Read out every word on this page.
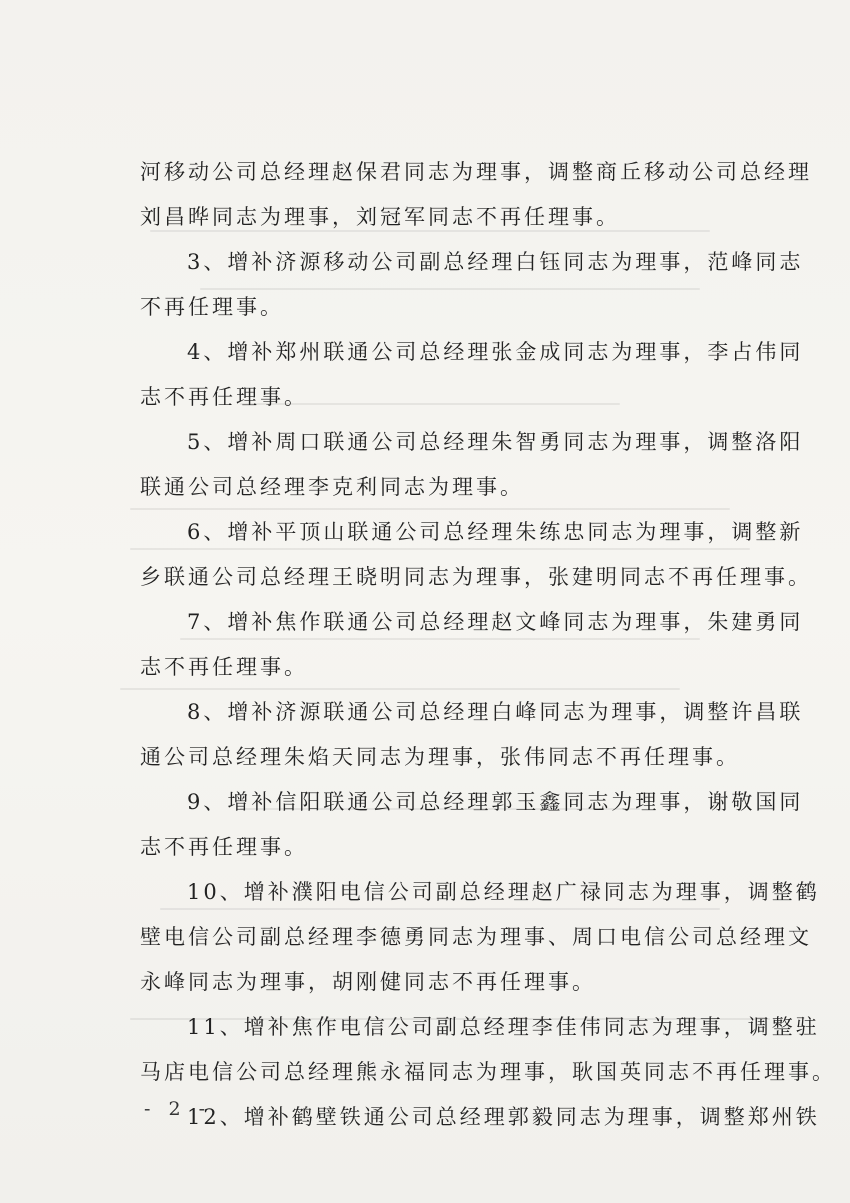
河移动公司总经理赵保君同志为理事，调整商丘移动公司总经理
刘昌晔同志为理事，刘冠军同志不再任理事。
3、增补济源移动公司副总经理白钰同志为理事，范峰同志
不再任理事。
4、增补郑州联通公司总经理张金成同志为理事，李占伟同
志不再任理事。
5、增补周口联通公司总经理朱智勇同志为理事，调整洛阳
联通公司总经理李克利同志为理事。
6、增补平顶山联通公司总经理朱练忠同志为理事，调整新
乡联通公司总经理王晓明同志为理事，张建明同志不再任理事。
7、增补焦作联通公司总经理赵文峰同志为理事，朱建勇同
志不再任理事。
8、增补济源联通公司总经理白峰同志为理事，调整许昌联
通公司总经理朱焰天同志为理事，张伟同志不再任理事。
9、增补信阳联通公司总经理郭玉鑫同志为理事，谢敬国同
志不再任理事。
10、增补濮阳电信公司副总经理赵广禄同志为理事，调整鹤
壁电信公司副总经理李德勇同志为理事、周口电信公司总经理文
永峰同志为理事，胡刚健同志不再任理事。
11、增补焦作电信公司副总经理李佳伟同志为理事，调整驻
马店电信公司总经理熊永福同志为理事，耿国英同志不再任理事。
12、增补鹤壁铁通公司总经理郭毅同志为理事，调整郑州铁
- 2 -
